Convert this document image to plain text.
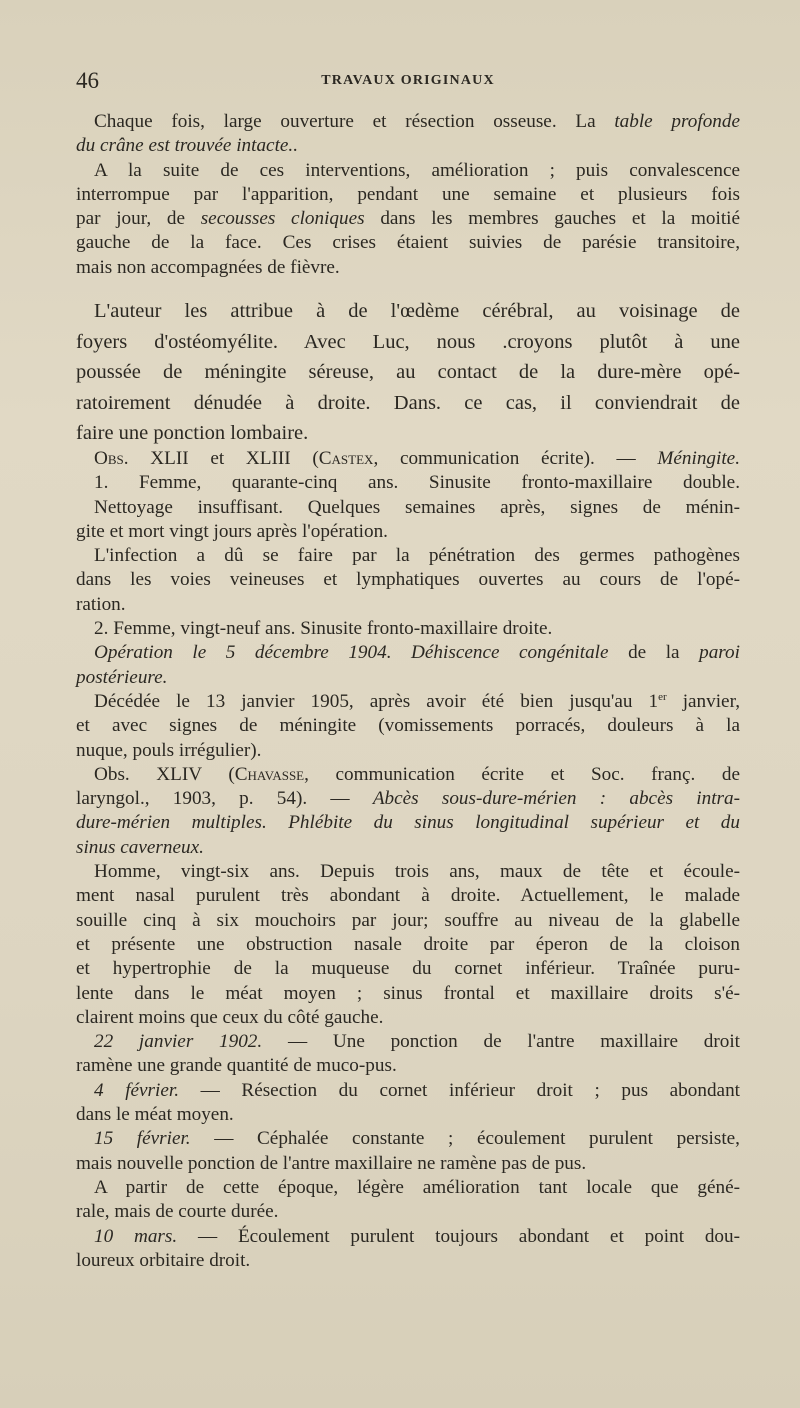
46	TRAVAUX ORIGINAUX
Chaque fois, large ouverture et résection osseuse. La table profonde
du crâne est trouvée intacte..
A la suite de ces interventions, amélioration ; puis convalescence
interrompue par l'apparition, pendant une semaine et plusieurs fois
par jour, de secousses cloniques dans les membres gauches et la moitié
gauche de la face. Ces crises étaient suivies de parésie transitoire,
mais non accompagnées de fièvre.
L'auteur les attribue à de l'œdème cérébral, au voisinage de
foyers d'ostéomyélite. Avec Luc, nous .croyons plutôt à une
poussée de méningite séreuse, au contact de la dure-mère opé-
ratoirement dénudée à droite. Dans. ce cas, il conviendrait de
faire une ponction lombaire.
Obs. XLII et XLIII (Castex, communication écrite). — Méningite.
1. Femme, quarante-cinq ans. Sinusite fronto-maxillaire double.
Nettoyage insuffisant. Quelques semaines après, signes de ménin-
gite et mort vingt jours après l'opération.
L'infection a dû se faire par la pénétration des germes pathogènes
dans les voies veineuses et lymphatiques ouvertes au cours de l'opé-
ration.
2. Femme, vingt-neuf ans. Sinusite fronto-maxillaire droite.
Opération le 5 décembre 1904. Déhiscence congénitale de la paroi
postérieure.
Décédée le 13 janvier 1905, après avoir été bien jusqu'au 1er janvier,
et avec signes de méningite (vomissements porracés, douleurs à la
nuque, pouls irrégulier).
Obs. XLIV (Chavasse, communication écrite et Soc. franç. de
laryngol., 1903, p. 54). — Abcès sous-dure-mérien : abcès intra-
dure-mérien multiples. Phlébite du sinus longitudinal supérieur et du
sinus caverneux.
Homme, vingt-six ans. Depuis trois ans, maux de tête et écoule-
ment nasal purulent très abondant à droite. Actuellement, le malade
souille cinq à six mouchoirs par jour; souffre au niveau de la glabelle
et présente une obstruction nasale droite par éperon de la cloison
et hypertrophie de la muqueuse du cornet inférieur. Traînée puru-
lente dans le méat moyen ; sinus frontal et maxillaire droits s'é-
clairent moins que ceux du côté gauche.
22 janvier 1902. — Une ponction de l'antre maxillaire droit
ramène une grande quantité de muco-pus.
4 février. — Résection du cornet inférieur droit ; pus abondant
dans le méat moyen.
15 février. — Céphalée constante ; écoulement purulent persiste,
mais nouvelle ponction de l'antre maxillaire ne ramène pas de pus.
A partir de cette époque, légère amélioration tant locale que géné-
rale, mais de courte durée.
10 mars. — Écoulement purulent toujours abondant et point dou-
loureux orbitaire droit.
